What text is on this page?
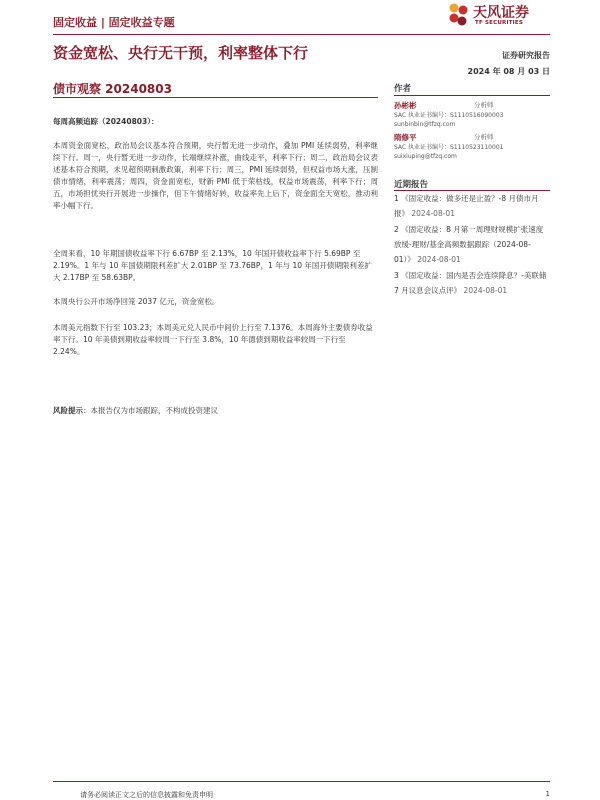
固定收益 | 固定收益专题
天风证券
TF SECURITIES
资金宽松、央行无干预，利率整体下行	证券研究报告
2024 年 08 月 03 日
债市观察 20240803
每周高频追踪（20240803）：
本周资金面宽松，政治局会议基本符合预期，央行暂无进一步动作，叠加 PMI 延续弱势，利率继续下行。周一，央行暂无进一步动作，长端继续补涨，曲线走平，利率下行；周二，政治局会议表述基本符合预期，未见超预期刺激政策，利率下行；周三，PMI 延续弱势，但权益市场大涨，压制债市情绪，利率震荡；周四，资金面宽松，财新 PMI 低于荣枯线，权益市场震荡，利率下行；周五，市场担忧央行开展进一步操作，但下午情绪好转，收益率先上后下，资金面全天宽松，推动利率小幅下行。
全周来看，10 年期国债收益率下行 6.67BP 至 2.13%，10 年国开债收益率下行 5.69BP 至 2.19%。1 年与 10 年国债期限利差扩大 2.01BP 至 73.76BP，1 年与 10 年国开债期限利差扩大 2.17BP 至 58.63BP。
本周央行公开市场净回笼 2037 亿元，资金宽松。
本周美元指数下行至 103.23；本周美元兑人民币中间价上行至 7.1376。本周海外主要债券收益率下行。10 年美债到期收益率较周一下行至 3.8%，10 年德债到期收益率较周一下行至 2.24%。
风险提示：本报告仅为市场跟踪，不构成投资建议
作者
孙彬彬	分析师
SAC 执业证书编号：S1110516090003
sunbinbin@tfzq.com
隋修平	分析师
SAC 执业证书编号：S1110523110001
suixiuping@tfzq.com
近期报告
1 《固定收益：做多还是止盈？-8 月债市月报》 2024-08-01
2 《固定收益：8 月第一周理财规模扩张速度放缓-理财/基金高频数据跟踪（2024-08-01）》 2024-08-01
3 《固定收益：国内是否会连续降息？-美联储 7 月议息会议点评》 2024-08-01
请务必阅读正文之后的信息披露和免责申明	1
